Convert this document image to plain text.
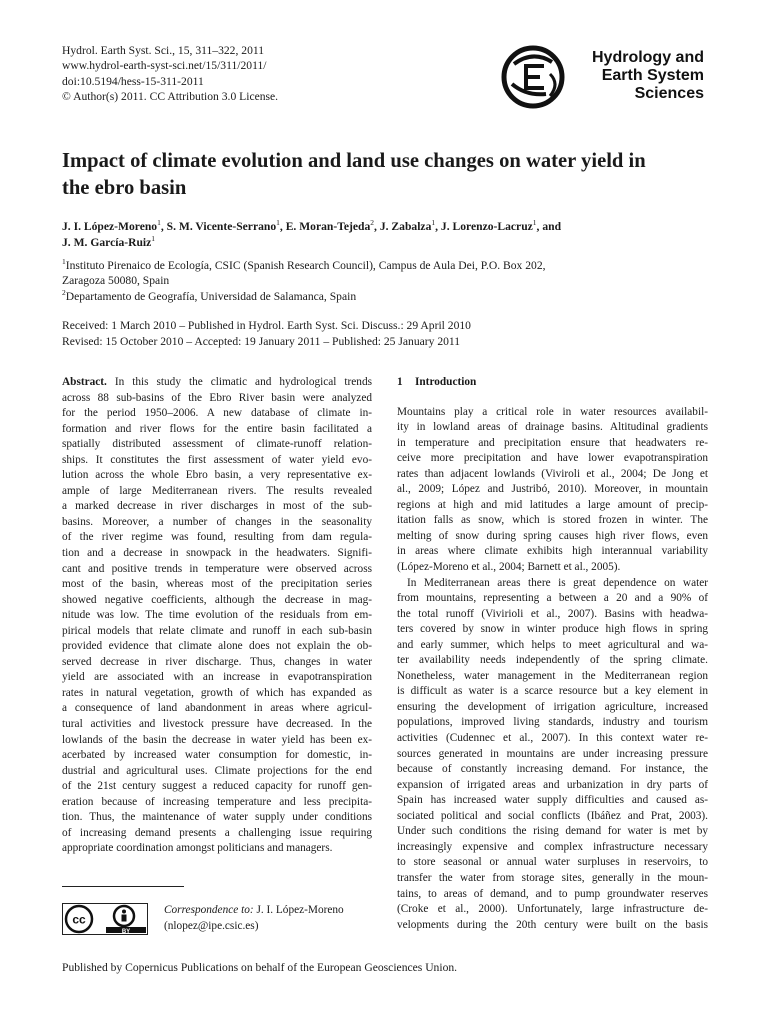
Hydrol. Earth Syst. Sci., 15, 311–322, 2011
www.hydrol-earth-syst-sci.net/15/311/2011/
doi:10.5194/hess-15-311-2011
© Author(s) 2011. CC Attribution 3.0 License.
Hydrology and
Earth System
Sciences
Impact of climate evolution and land use changes on water yield in
the ebro basin
J. I. López-Moreno$^1$, S. M. Vicente-Serrano$^1$, E. Moran-Tejeda$^2$, J. Zabalza$^1$, J. Lorenzo-Lacruz$^1$, and
J. M. García-Ruiz$^1$
$^1$Instituto Pirenaico de Ecología, CSIC (Spanish Research Council), Campus de Aula Dei, P.O. Box 202,
Zaragoza 50080, Spain
$^2$Departamento de Geografía, Universidad de Salamanca, Spain
Received: 1 March 2010 – Published in Hydrol. Earth Syst. Sci. Discuss.: 29 April 2010
Revised: 15 October 2010 – Accepted: 19 January 2011 – Published: 25 January 2011
Abstract. In this study the climatic and hydrological trends
across 88 sub-basins of the Ebro River basin were analyzed
for the period 1950–2006. A new database of climate in-
formation and river flows for the entire basin facilitated a
spatially distributed assessment of climate-runoff relation-
ships. It constitutes the first assessment of water yield evo-
lution across the whole Ebro basin, a very representative ex-
ample of large Mediterranean rivers. The results revealed
a marked decrease in river discharges in most of the sub-
basins. Moreover, a number of changes in the seasonality
of the river regime was found, resulting from dam regula-
tion and a decrease in snowpack in the headwaters. Signifi-
cant and positive trends in temperature were observed across
most of the basin, whereas most of the precipitation series
showed negative coefficients, although the decrease in mag-
nitude was low. The time evolution of the residuals from em-
pirical models that relate climate and runoff in each sub-basin
provided evidence that climate alone does not explain the ob-
served decrease in river discharge. Thus, changes in water
yield are associated with an increase in evapotranspiration
rates in natural vegetation, growth of which has expanded as
a consequence of land abandonment in areas where agricul-
tural activities and livestock pressure have decreased. In the
lowlands of the basin the decrease in water yield has been ex-
acerbated by increased water consumption for domestic, in-
dustrial and agricultural uses. Climate projections for the end
of the 21st century suggest a reduced capacity for runoff gen-
eration because of increasing temperature and less precipita-
tion. Thus, the maintenance of water supply under conditions
of increasing demand presents a challenging issue requiring
appropriate coordination amongst politicians and managers.
1 Introduction
Mountains play a critical role in water resources availabil-
ity in lowland areas of drainage basins. Altitudinal gradients
in temperature and precipitation ensure that headwaters re-
ceive more precipitation and have lower evapotranspiration
rates than adjacent lowlands (Viviroli et al., 2004; De Jong et
al., 2009; López and Justribó, 2010). Moreover, in mountain
regions at high and mid latitudes a large amount of precip-
itation falls as snow, which is stored frozen in winter. The
melting of snow during spring causes high river flows, even
in areas where climate exhibits high interannual variability
(López-Moreno et al., 2004; Barnett et al., 2005).
In Mediterranean areas there is great dependence on water
from mountains, representing a between a 20 and a 90% of
the total runoff (Vivirioli et al., 2007). Basins with headwa-
ters covered by snow in winter produce high flows in spring
and early summer, which helps to meet agricultural and wa-
ter availability needs independently of the spring climate.
Nonetheless, water management in the Mediterranean region
is difficult as water is a scarce resource but a key element in
ensuring the development of irrigation agriculture, increased
populations, improved living standards, industry and tourism
activities (Cudennec et al., 2007). In this context water re-
sources generated in mountains are under increasing pressure
because of constantly increasing demand. For instance, the
expansion of irrigated areas and urbanization in dry parts of
Spain has increased water supply difficulties and caused as-
sociated political and social conflicts (Ibáñez and Prat, 2003).
Under such conditions the rising demand for water is met by
increasingly expensive and complex infrastructure necessary
to store seasonal or annual water surpluses in reservoirs, to
transfer the water from storage sites, generally in the moun-
tains, to areas of demand, and to pump groundwater reserves
(Croke et al., 2000). Unfortunately, large infrastructure de-
velopments during the 20th century were built on the basis
cc
BY
Correspondence to: J. I. López-Moreno
(nlopez@ipe.csic.es)
Published by Copernicus Publications on behalf of the European Geosciences Union.
